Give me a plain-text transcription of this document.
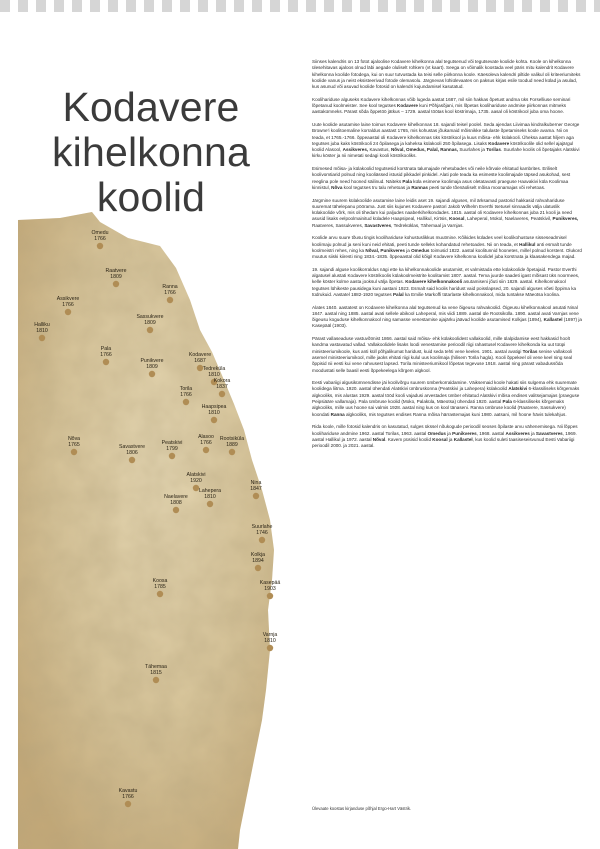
Kodavere
kihelkonna
koolid
Omedu
1766
Raatvere
1809
Assikvere
1766
Ranna
1766
Halliku
1810
Sassukvere
1809
Pala
1766
Punikvere
1809
Kodavere
1687
Tedreküla
1810
Kokora
1837
Torila
1766
Haapsipea
1810
Nõva
1765	Savastvere
1806
Peatskivi
1799
Alasoo
1766
Rootsiküla
1889
Alatskivi
1920	Nina
1847
Naelavere
1808
Lahepera
1810
Suurlahe
1746
Kolkja
1894
Kasepää
1903
Koosa
1785
Varnja
1810
Tähemaa
1815
Kavastu
1766

Siinses kalendris on 13 fotot ajaloolise Kodavere kihelkonna alal tegutsenud või tegutsevate koolide kohta. Koole on kihelkonna ülesehitavas ajaloos olnud läbi aegade oluliselt rohkem (vt kaart). Seega on võimalik koostada veel päris mitu kalendrit Kodavere kihelkonna koolide fotodega, kui on suur tutvustada ka teisi selle piirkonna koole. Käesoleva kalendri piltide valikul oli kriteeriumiteks koolide vanus ja neist eksisteerivad fotode olemasolu. Järgnevas lühiülevaates on paksus kirjas esile toodud need külad ja asulad, kus asunud või asuvad koolide fotosid on kalendri kujundamisel kasutatud.

Koolihariduse alguseks Kodavere kihelkonnas võib lugeda aastat 1687, mil siin hakkas õpetust andma üks Forselliuse seminari lõpetanud koolmeister. See kool tegutses Kodavere kuni Põhjasõjani, mis lõpetas koolihariduse andmise piirkonnas mitmeks aastakümneks. Pärast sõda õppetöö jätkus – 1729. aastal töötas kool köstrimaja, 1735. aasal oli köstrikool juba oma hoone.

Uute koolide asutamise laine toimus Kodavere kihelkonnas 18. sajandi teisel poolel. Seda ajendas Liivimaa kindralkuberner George Browne'i koolitoemaline korraldus aastast 1765, mis kohustas jõukamaid mõisnikke talulaste õpetamiseks koole avama. Nii on teada, et 1765.-1766. õppeaastal oli Kodavere kihelkonnas üks köstrikool ja kuus mõisa- ehk külakooli. Üheksa aastat hiljem aga tegutses juba kaks köstrikooli 24 õpilasega ja kaheksa külakooli 250 õpilasega. Lisaks Kodavere köstrikoolile olid sellel ajajärgul koolid Alasool, Assikveres, Kavastus, Nõval, Omedus, Palal, Rannas, Suurlahes ja Torilas. Suurlahe koolis oli õpetajaks Alatskivi kirku köster ja nii nimetati sedagi kooli köstrikooliks.

Esimesed mõisa- ja külakoolid tegutsesid korstnata talumajade rehetubades või neile kõrvale ehitatud kambrites. Eriliselt koolivomtiarid polnud ning kooliässed istusid pikkadel pinkidel. Alati pole teada ka esimeste koolimajade täpsed asukohad, sest reeglina pole need hooned säilinud. Näiteks Pala küla esimene koolimaja asus oletatavasti praeguse Haavakivi küla Koolimaa kinnistul, Nõva kool tegutses tru talu rehetoas ja Rannas peeti tunde tõenäoliselt mõisa moonamajas või rehetoas.

Järgmine suurem külakoolide asutamise laine leidis aset 19. sajandi alguses, mil ärksamad pastorid hakkasid rahvahariduse suuremat tähelepanu pöörama. Just siis kujunes Kodavere pastori Jakob Wilhelm Everthi tsetusel sinnaadis välja ulatuslik külakoolide võrk, mis oli tihedam kui paljudes naaberkihelkondades. 1815. aastal oli Kodavere kihelkonnas juba 21 kooli ja need asusid lisaks eelpoolmainitud küladele Haapsipeal, Hallikul, Kirtsis, Koosal, Laheperal, Mokol, Naelaveres, Peatskivil, Punikveres, Raatveres, Sassukveres, Savastveres, Tedreküklas, Tähemaal ja Varnjas.

Koolide arvu suure tõusu tingis koolihariduse kohustuslikkus muutmine. Kõikides külades veel koolikohustuse sisseseadmisel koolimaju polnud ja seni kuni neid ehitati, peeti tunde selleks kohandatud rehetoades. Nii on teada, et Hallikul anti esmalt tunde koolmeistri rehes, ning ka Nõval, Punikveres ja Omedus toimusid 1822. aastal koolitunnid hoonetes, millel polnud korstent. Olukord muutus siiski kiiresti ning 1834.-1835. õppeaastal olid kõigil Kodavere kihelkonna koolidel juba korstnata ja klaasakendega majad.

19. sajandi alguse koolikorraldus nägi ette ka kihelkonnakoolide asutamist, et valmistada ette külakoolide õpetajaid. Pastor Everthi algatusel alustati Kodavere köstrikoolis külakoolmeistrite koolitamist 1807. aastal. Tema juurde saadeti igast mõisast üks noormees, kelle köster kolme aasta jooksul välja õpetas. Kodavere kihelkonnakooli asutamiseni jõuti siin 1829. aastal. Kihelkonnakool tegutses lühikeste pausidega kuni aastani 1923. Esmalt said koolis haridust vaid poisslapsed, 20. sajandi alguses võeti õppima ka tüdrukuid. Aastatel 1882-1920 tegutses Palal ka Emilie Markoffi tütarlaste kihelkonnakool, mida tuntakse Mäeotsa koolina.

Alates 1840. aastatest on Kodavere kihelkonna alal tegutsenud ka vene õigeusu rahvakoolid. Õigeusu kihelkonnakool asutati Ninal 1847. aastal ning 1885. aastal avati sellele abikool Laheperal, mis viidi 1889. aastal üle Rootsikülla. 1890. aastal avati Varnjas vene õigeusu koguduse kihelkonnakool ning samasse venestamise ajajärku jäävad koolide asutamised Kolkjas (1894), Kallastel (1897) ja Kasepääl (1903).

Pärast vallaseaduse vastuvõtmist 1866. aastal said mõisa- ehk külakoolidest vallakoolid, mille ülalpidamise eest hakkasid hoolt kandma vastavatud vallad. Vallakoolidele lisaks loodi venestamise perioodil riigi rahastusel Kodavere kihelkonda ka uut tüüpi ministeeriumikoole, kus anti küll põhjalikumat haridust, kuid seda tehti vene keeles. 1901. aastal avatigi Torilas senise vallakooli asemel ministeeriumikool, mille jaoks ehitati riigi kulul uus koolimaja (hilisem Torila hagla). Kooli õppekeel oli vene keel ning seal õppisid nii eesti kui vene rahvusest lapsed. Torila ministeeriumikool lõpetas tegevuse 1918. aastal ning pärast vabadussõda moodustati selle baasil eesti õppekeelega kõrgem algkool.

Eesti vabariigi algusikümnendisse jäi koolivõrgu suurem ümberkorraldamine. Väiksemaid koole hakati siis sulgema ehk suuremate koolidega liitma. 1920. aastal ühendati Alatskivi ümbruskonna (Peatskivi ja Lahepera) külakoolid Alatskivi 6-klassiliseks kõrgemaks algkooliks, mis alustas 1929. aastal tööd kooli vajadusi arvestades ümber ehitatud Alatskivi mõisa endises valitsejamajas (praeguse Peipsiääre vallamaja). Pala ümbruse koolid (Moko, Palaküla, Mäeotsa) ühendati 1920. aastal Pala 6-klassiliseks kõrgemaks algkooliks, mille uus hoone sai valmis 1928. aastal ning kus on kool tänaseni. Ranna ümbruse koolid (Raatvere, Sassukvere) koondati Ranna algkooliks, mis tegutses endises Ranna mõisa härrastemajas kuni 1980. aatsani, mil hoone hävis tulekahjus.

Rida koole, mille fotosid kalendris on kasutatud, sulges ükssel nõukogude perioodil seoses õpilaste arvu vähenemisega. Nii lõppes koolihariduse andmine 1962. aastal Torilas, 1963. aastal Omedus ja Punikveres, 1968. aastal Assikveres ja Savastveres, 1969. aastal Hallikul ja 1972. aastal Nõval. Kavem püsisid koolid Koosal ja Kallastel, kus koolid suleti taasiseseisvunud Eesti Vabariigi perioodil 2000. ja 2021. aastal.

Ülevaate koostas kirjanduse põhjal Ergo-Hart Västrik.
